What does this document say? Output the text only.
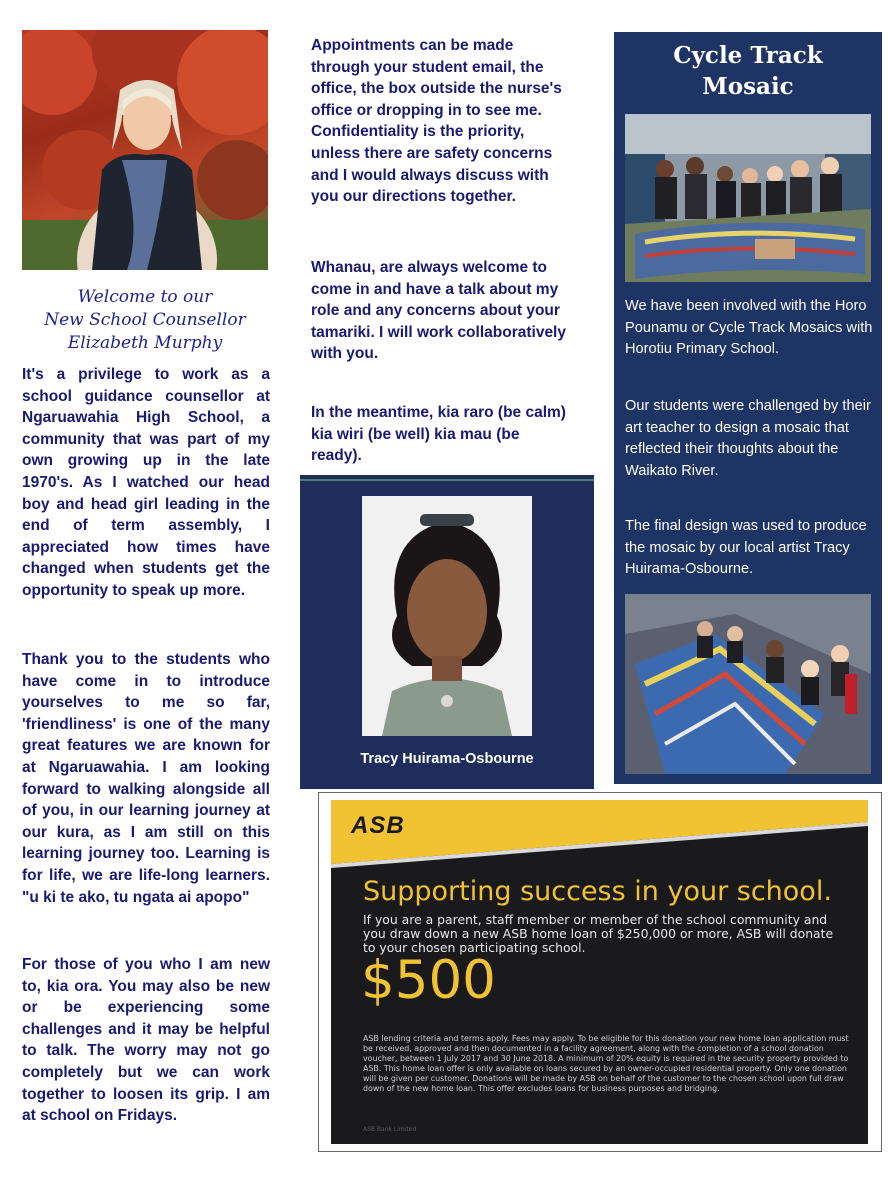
Welcome to our
New School Counsellor
Elizabeth Murphy

It's a privilege to work as a school guidance counsellor at Ngaruawahia High School, a community that was part of my own growing up in the late 1970's. As I watched our head boy and head girl leading in the end of term assembly, I appreciated how times have changed when students get the opportunity to speak up more.

Thank you to the students who have come in to introduce yourselves to me so far, 'friendliness' is one of the many great features we are known for at Ngaruawahia. I am looking forward to walking alongside all of you, in our learning journey at our kura, as I am still on this learning journey too. Learning is for life, we are life-long learners. "u ki te ako, tu ngata ai apopo"

For those of you who I am new to, kia ora. You may also be new or be experiencing some challenges and it may be helpful to talk. The worry may not go completely but we can work together to loosen its grip. I am at school on Fridays.

Appointments can be made through your student email, the office, the box outside the nurse's office or dropping in to see me. Confidentiality is the priority, unless there are safety concerns and I would always discuss with you our directions together.

Whanau, are always welcome to come in and have a talk about my role and any concerns about your tamariki. I will work collaboratively with you.

In the meantime, kia raro (be calm) kia wiri (be well) kia mau (be ready).

Tracy Huirama-Osbourne
Cycle Track
Mosaic

We have been involved with the Horo Pounamu or Cycle Track Mosaics with Horotiu Primary School.

Our students were challenged by their art teacher to design a mosaic that reflected their thoughts about the Waikato River.

The final design was used to produce the mosaic by our local artist Tracy Huirama-Osbourne.

ASB
Supporting success in your school.
If you are a parent, staff member or member of the school community and you draw down a new ASB home loan of $250,000 or more, ASB will donate to your chosen participating school.
$500
ASB lending criteria and terms apply. Fees may apply. To be eligible for this donation your new home loan application must be received, approved and then documented in a facility agreement, along with the completion of a school donation voucher, between 1 July 2017 and 30 June 2018. A minimum of 20% equity is required in the security property provided to ASB. This home loan offer is only available on loans secured by an owner-occupied residential property. Only one donation will be given per customer. Donations will be made by ASB on behalf of the customer to the chosen school upon full draw down of the new home loan. This offer excludes loans for business purposes and bridging.
ASB Bank Limited
